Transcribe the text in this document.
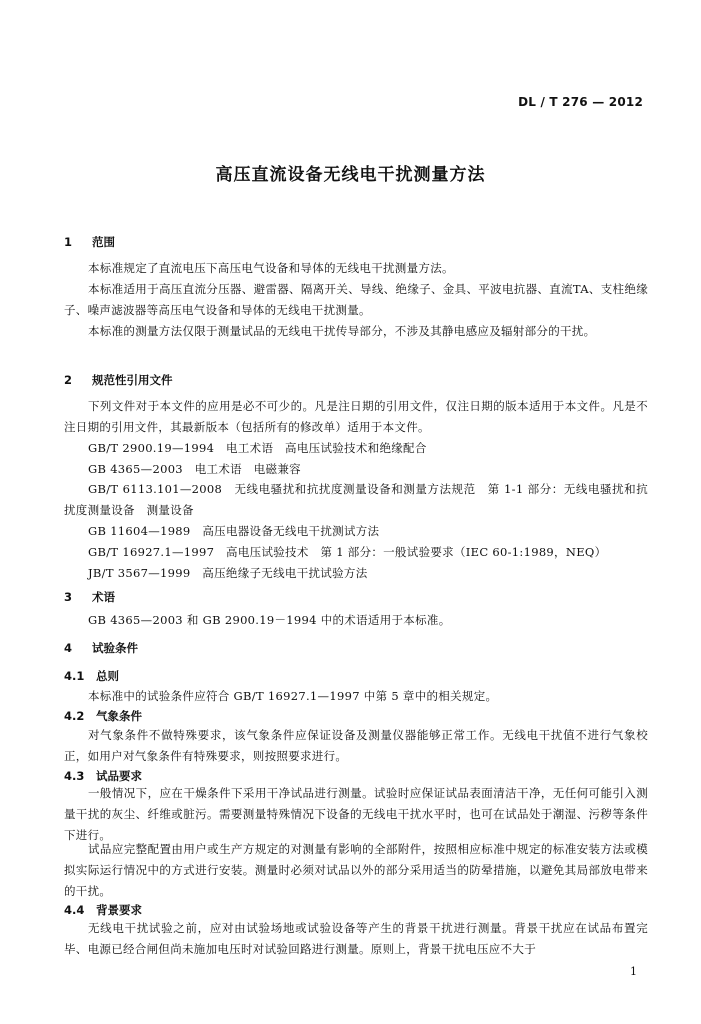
DL / T 276 — 2012
高压直流设备无线电干扰测量方法
1 范围
本标准规定了直流电压下高压电气设备和导体的无线电干扰测量方法。
本标准适用于高压直流分压器、避雷器、隔离开关、导线、绝缘子、金具、平波电抗器、直流TA、支柱绝缘子、噪声滤波器等高压电气设备和导体的无线电干扰测量。
本标准的测量方法仅限于测量试品的无线电干扰传导部分，不涉及其静电感应及辐射部分的干扰。
2 规范性引用文件
下列文件对于本文件的应用是必不可少的。凡是注日期的引用文件，仅注日期的版本适用于本文件。凡是不注日期的引用文件，其最新版本（包括所有的修改单）适用于本文件。
GB/T 2900.19—1994　电工术语　高电压试验技术和绝缘配合
GB 4365—2003　电工术语　电磁兼容
GB/T 6113.101—2008　无线电骚扰和抗扰度测量设备和测量方法规范　第 1-1 部分：无线电骚扰和抗扰度测量设备　测量设备
GB 11604—1989　高压电器设备无线电干扰测试方法
GB/T 16927.1—1997　高电压试验技术　第 1 部分：一般试验要求（IEC 60-1:1989，NEQ）
JB/T 3567—1999　高压绝缘子无线电干扰试验方法
3 术语
GB 4365—2003 和 GB 2900.19－1994 中的术语适用于本标准。
4 试验条件
4.1 总则
本标准中的试验条件应符合 GB/T 16927.1—1997 中第 5 章中的相关规定。
4.2 气象条件
对气象条件不做特殊要求，该气象条件应保证设备及测量仪器能够正常工作。无线电干扰值不进行气象校正，如用户对气象条件有特殊要求，则按照要求进行。
4.3 试品要求
一般情况下，应在干燥条件下采用干净试品进行测量。试验时应保证试品表面清洁干净，无任何可能引入测量干扰的灰尘、纤维或脏污。需要测量特殊情况下设备的无线电干扰水平时，也可在试品处于潮湿、污秽等条件下进行。
试品应完整配置由用户或生产方规定的对测量有影响的全部附件，按照相应标准中规定的标准安装方法或模拟实际运行情况中的方式进行安装。测量时必须对试品以外的部分采用适当的防晕措施，以避免其局部放电带来的干扰。
4.4 背景要求
无线电干扰试验之前，应对由试验场地或试验设备等产生的背景干扰进行测量。背景干扰应在试品布置完毕、电源已经合闸但尚未施加电压时对试验回路进行测量。原则上，背景干扰电压应不大于
1
